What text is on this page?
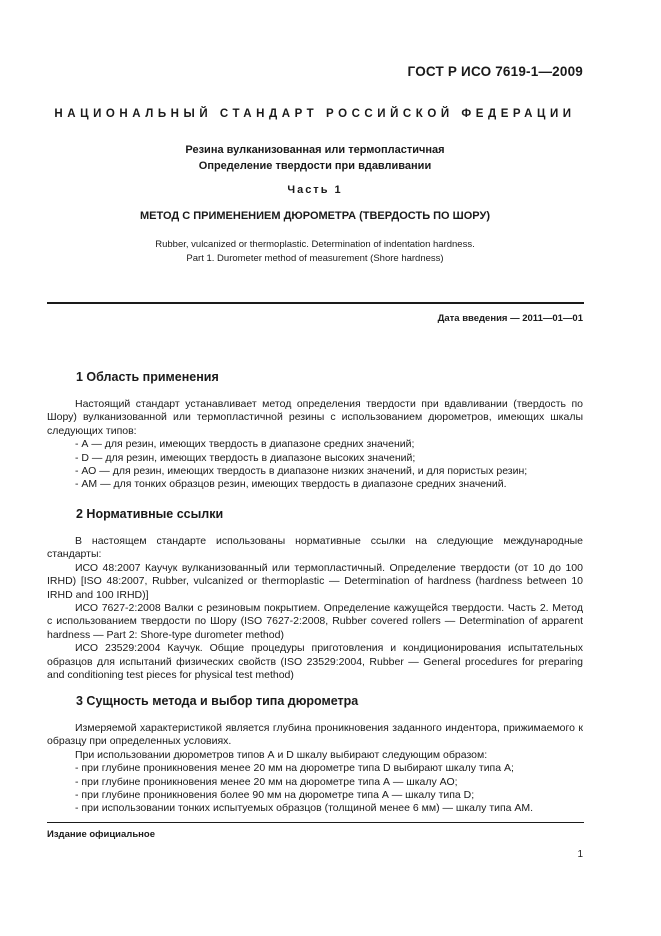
ГОСТ Р ИСО 7619-1—2009
НАЦИОНАЛЬНЫЙ СТАНДАРТ РОССИЙСКОЙ ФЕДЕРАЦИИ
Резина вулканизованная или термопластичная
Определение твердости при вдавливании
Часть 1
МЕТОД С ПРИМЕНЕНИЕМ ДЮРОМЕТРА (ТВЕРДОСТЬ ПО ШОРУ)
Rubber, vulcanized or thermoplastic. Determination of indentation hardness.
Part 1. Durometer method of measurement (Shore hardness)
Дата введения — 2011—01—01
1 Область применения

Настоящий стандарт устанавливает метод определения твердости при вдавливании (твердость по Шору) вулканизованной или термопластичной резины с использованием дюрометров, имеющих шкалы следующих типов:

- А — для резин, имеющих твердость в диапазоне средних значений;

- D — для резин, имеющих твердость в диапазоне высоких значений;

- АО — для резин, имеющих твердость в диапазоне низких значений, и для пористых резин;

- АМ — для тонких образцов резин, имеющих твердость в диапазоне средних значений.

2 Нормативные ссылки

В настоящем стандарте использованы нормативные ссылки на следующие международные стандарты:

ИСО 48:2007 Каучук вулканизованный или термопластичный. Определение твердости (от 10 до 100 IRHD) [ISO 48:2007, Rubber, vulcanized or thermoplastic — Determination of hardness (hardness between 10 IRHD and 100 IRHD)]

ИСО 7627-2:2008 Валки с резиновым покрытием. Определение кажущейся твердости. Часть 2. Метод с использованием твердости по Шору (ISO 7627-2:2008, Rubber covered rollers — Determination of apparent hardness — Part 2: Shore-type durometer method)

ИСО 23529:2004 Каучук. Общие процедуры приготовления и кондиционирования испытательных образцов для испытаний физических свойств (ISO 23529:2004, Rubber — General procedures for preparing and conditioning test pieces for physical test method)

3 Сущность метода и выбор типа дюрометра

Измеряемой характеристикой является глубина проникновения заданного индентора, прижимаемого к образцу при определенных условиях.

При использовании дюрометров типов А и D шкалу выбирают следующим образом:

- при глубине проникновения менее 20 мм на дюрометре типа D выбирают шкалу типа А;

- при глубине проникновения менее 20 мм на дюрометре типа А — шкалу АО;

- при глубине проникновения более 90 мм на дюрометре типа А — шкалу типа D;

- при использовании тонких испытуемых образцов (толщиной менее 6 мм) — шкалу типа АМ.

Издание официальное
1
